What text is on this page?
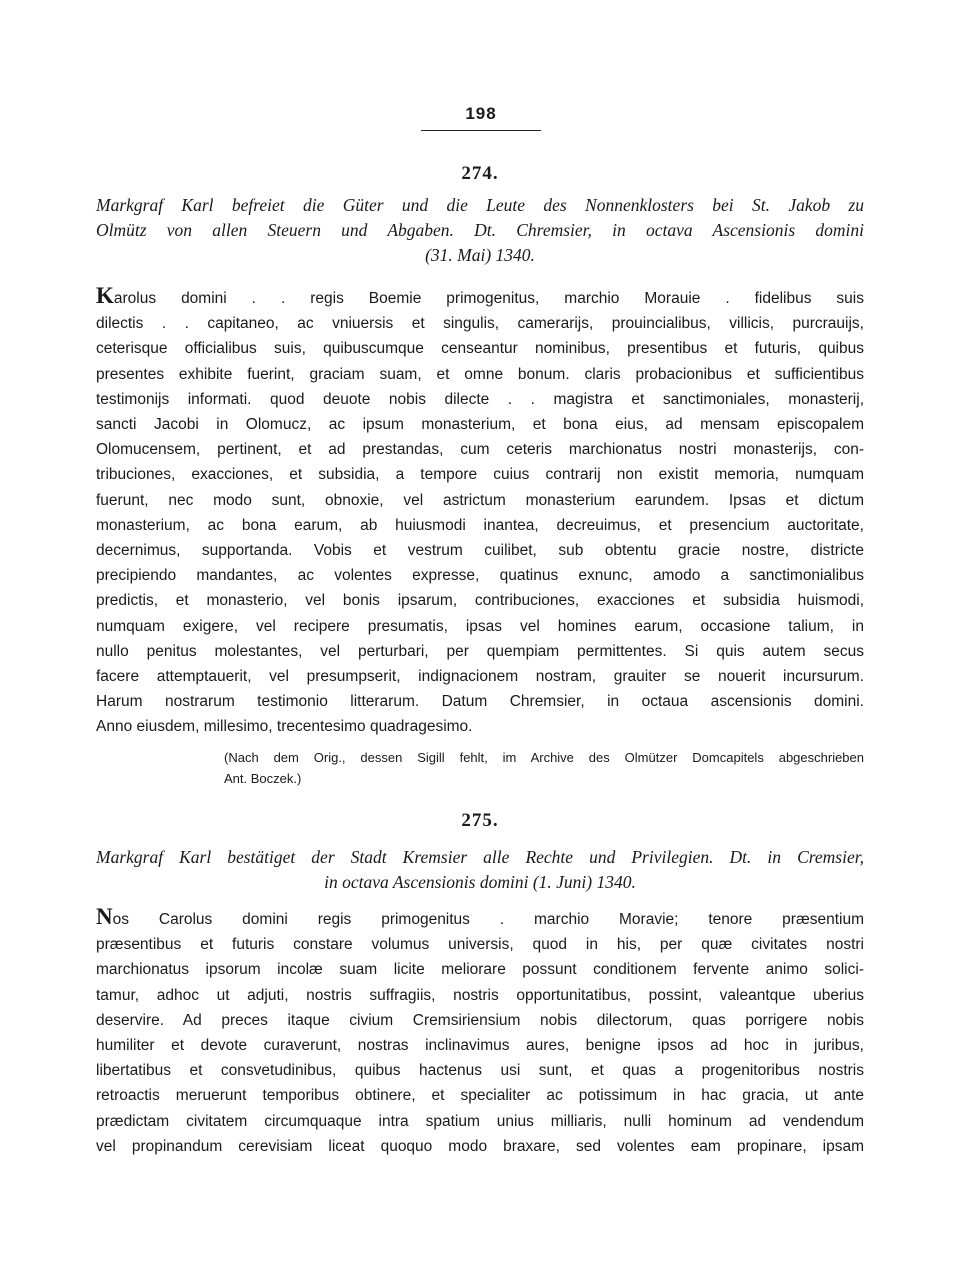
198
274.
Markgraf Karl befreiet die Güter und die Leute des Nonnenklosters bei St. Jakob zu
Olmütz von allen Steuern und Abgaben. Dt. Chremsier, in octava Ascensionis domini
(31. Mai) 1340.
Karolus domini . . regis Boemie primogenitus, marchio Morauie . fidelibus suis
dilectis . . capitaneo, ac vniuersis et singulis, camerarijs, prouincialibus, villicis, purcrauijs,
ceterisque officialibus suis, quibuscumque censeantur nominibus, presentibus et futuris, quibus
presentes exhibite fuerint, graciam suam, et omne bonum. claris probacionibus et sufficientibus
testimonijs informati. quod deuote nobis dilecte . . magistra et sanctimoniales, monasterij,
sancti Jacobi in Olomucz, ac ipsum monasterium, et bona eius, ad mensam episcopalem
Olomucensem, pertinent, et ad prestandas, cum ceteris marchionatus nostri monasterijs, con-
tribuciones, exacciones, et subsidia, a tempore cuius contrarij non existit memoria, numquam
fuerunt, nec modo sunt, obnoxie, vel astrictum monasterium earundem. Ipsas et dictum
monasterium, ac bona earum, ab huiusmodi inantea, decreuimus, et presencium auctoritate,
decernimus, supportanda. Vobis et vestrum cuilibet, sub obtentu gracie nostre, districte
precipiendo mandantes, ac volentes expresse, quatinus exnunc, amodo a sanctimonialibus
predictis, et monasterio, vel bonis ipsarum, contribuciones, exacciones et subsidia huismodi,
numquam exigere, vel recipere presumatis, ipsas vel homines earum, occasione talium, in
nullo penitus molestantes, vel perturbari, per quempiam permittentes. Si quis autem secus
facere attemptauerit, vel presumpserit, indignacionem nostram, grauiter se nouerit incursurum.
Harum nostrarum testimonio litterarum. Datum Chremsier, in octaua ascensionis domini.
Anno eiusdem, millesimo, trecentesimo quadragesimo.
(Nach dem Orig., dessen Sigill fehlt, im Archive des Olmützer Domcapitels abgeschrieben
Ant. Boczek.)
275.
Markgraf Karl bestätiget der Stadt Kremsier alle Rechte und Privilegien. Dt. in Cremsier,
in octava Ascensionis domini (1. Juni) 1340.
Nos Carolus domini regis primogenitus . marchio Moravie; tenore præsentium
præsentibus et futuris constare volumus universis, quod in his, per quæ civitates nostri
marchionatus ipsorum incolæ suam licite meliorare possunt conditionem fervente animo solici-
tamur, adhoc ut adjuti, nostris suffragiis, nostris opportunitatibus, possint, valeantque uberius
deservire. Ad preces itaque civium Cremsiriensium nobis dilectorum, quas porrigere nobis
humiliter et devote curaverunt, nostras inclinavimus aures, benigne ipsos ad hoc in juribus,
libertatibus et consvetudinibus, quibus hactenus usi sunt, et quas a progenitoribus nostris
retroactis meruerunt temporibus obtinere, et specialiter ac potissimum in hac gracia, ut ante
prædictam civitatem circumquaque intra spatium unius milliaris, nulli hominum ad vendendum
vel propinandum cerevisiam liceat quoquo modo braxare, sed volentes eam propinare, ipsam
